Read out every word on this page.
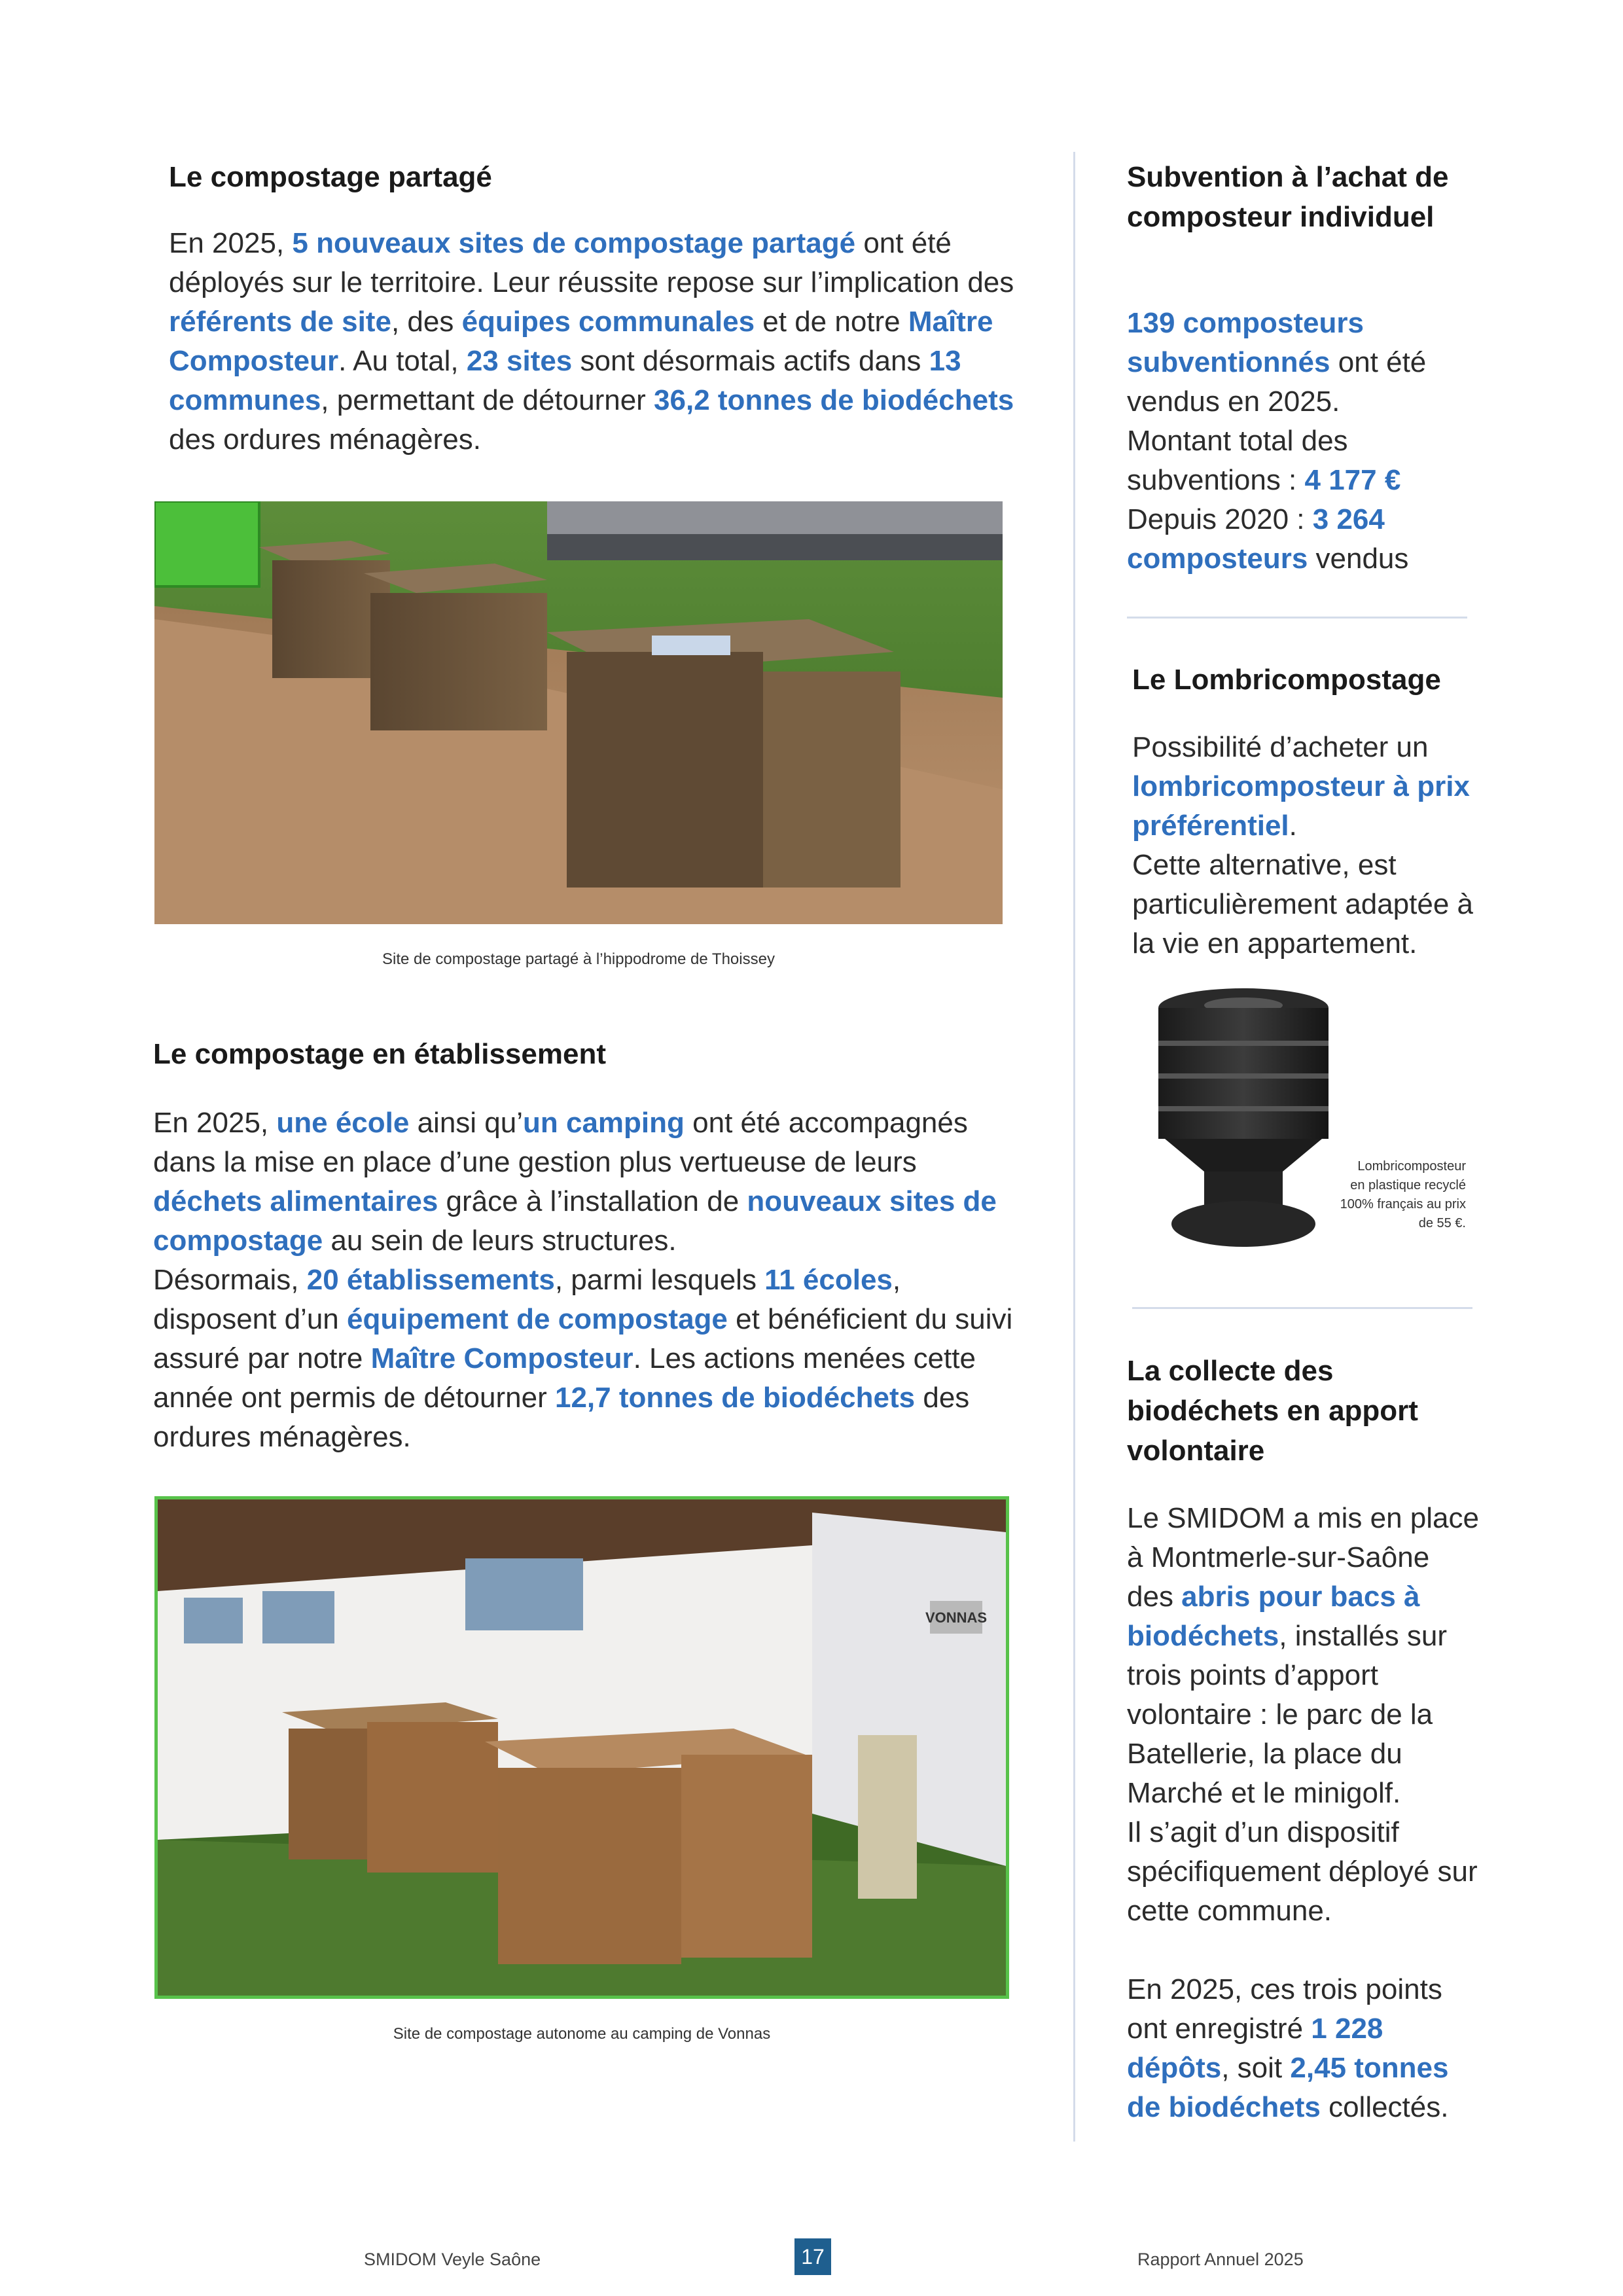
Le compostage partagé

En 2025, 5 nouveaux sites de compostage partagé ont été déployés sur le territoire. Leur réussite repose sur l’implication des référents de site, des équipes communales et de notre Maître Composteur. Au total, 23 sites sont désormais actifs dans 13 communes, permettant de détourner 36,2 tonnes de biodéchets des ordures ménagères.

Site de compostage partagé à l’hippodrome de Thoissey
Le compostage en établissement

En 2025, une école ainsi qu’un camping ont été accompagnés dans la mise en place d’une gestion plus vertueuse de leurs déchets alimentaires grâce à l’installation de nouveaux sites de compostage au sein de leurs structures.
Désormais, 20 établissements, parmi lesquels 11 écoles, disposent d’un équipement de compostage et bénéficient du suivi assuré par notre Maître Composteur. Les actions menées cette année ont permis de détourner 12,7 tonnes de biodéchets des ordures ménagères.

VONNAS
Site de compostage autonome au camping de Vonnas
Subvention à l’achat de composteur individuel

139 composteurs subventionnés ont été vendus en 2025.
Montant total des subventions : 4 177 €
Depuis 2020 : 3 264 composteurs vendus

Le Lombricompostage

Possibilité d’acheter un lombricomposteur à prix préférentiel.
Cette alternative, est particulièrement adaptée à la vie en appartement.

Lombricomposteur
en plastique recyclé
100% français au prix
de 55 €.
La collecte des biodéchets en apport volontaire

Le SMIDOM a mis en place à Montmerle-sur-Saône des abris pour bacs à biodéchets, installés sur trois points d’apport volontaire : le parc de la Batellerie, la place du Marché et le minigolf.
Il s’agit d’un dispositif spécifiquement déployé sur cette commune.

En 2025, ces trois points ont enregistré 1 228 dépôts, soit 2,45 tonnes de biodéchets collectés.

SMIDOM Veyle Saône	17	Rapport Annuel 2025
